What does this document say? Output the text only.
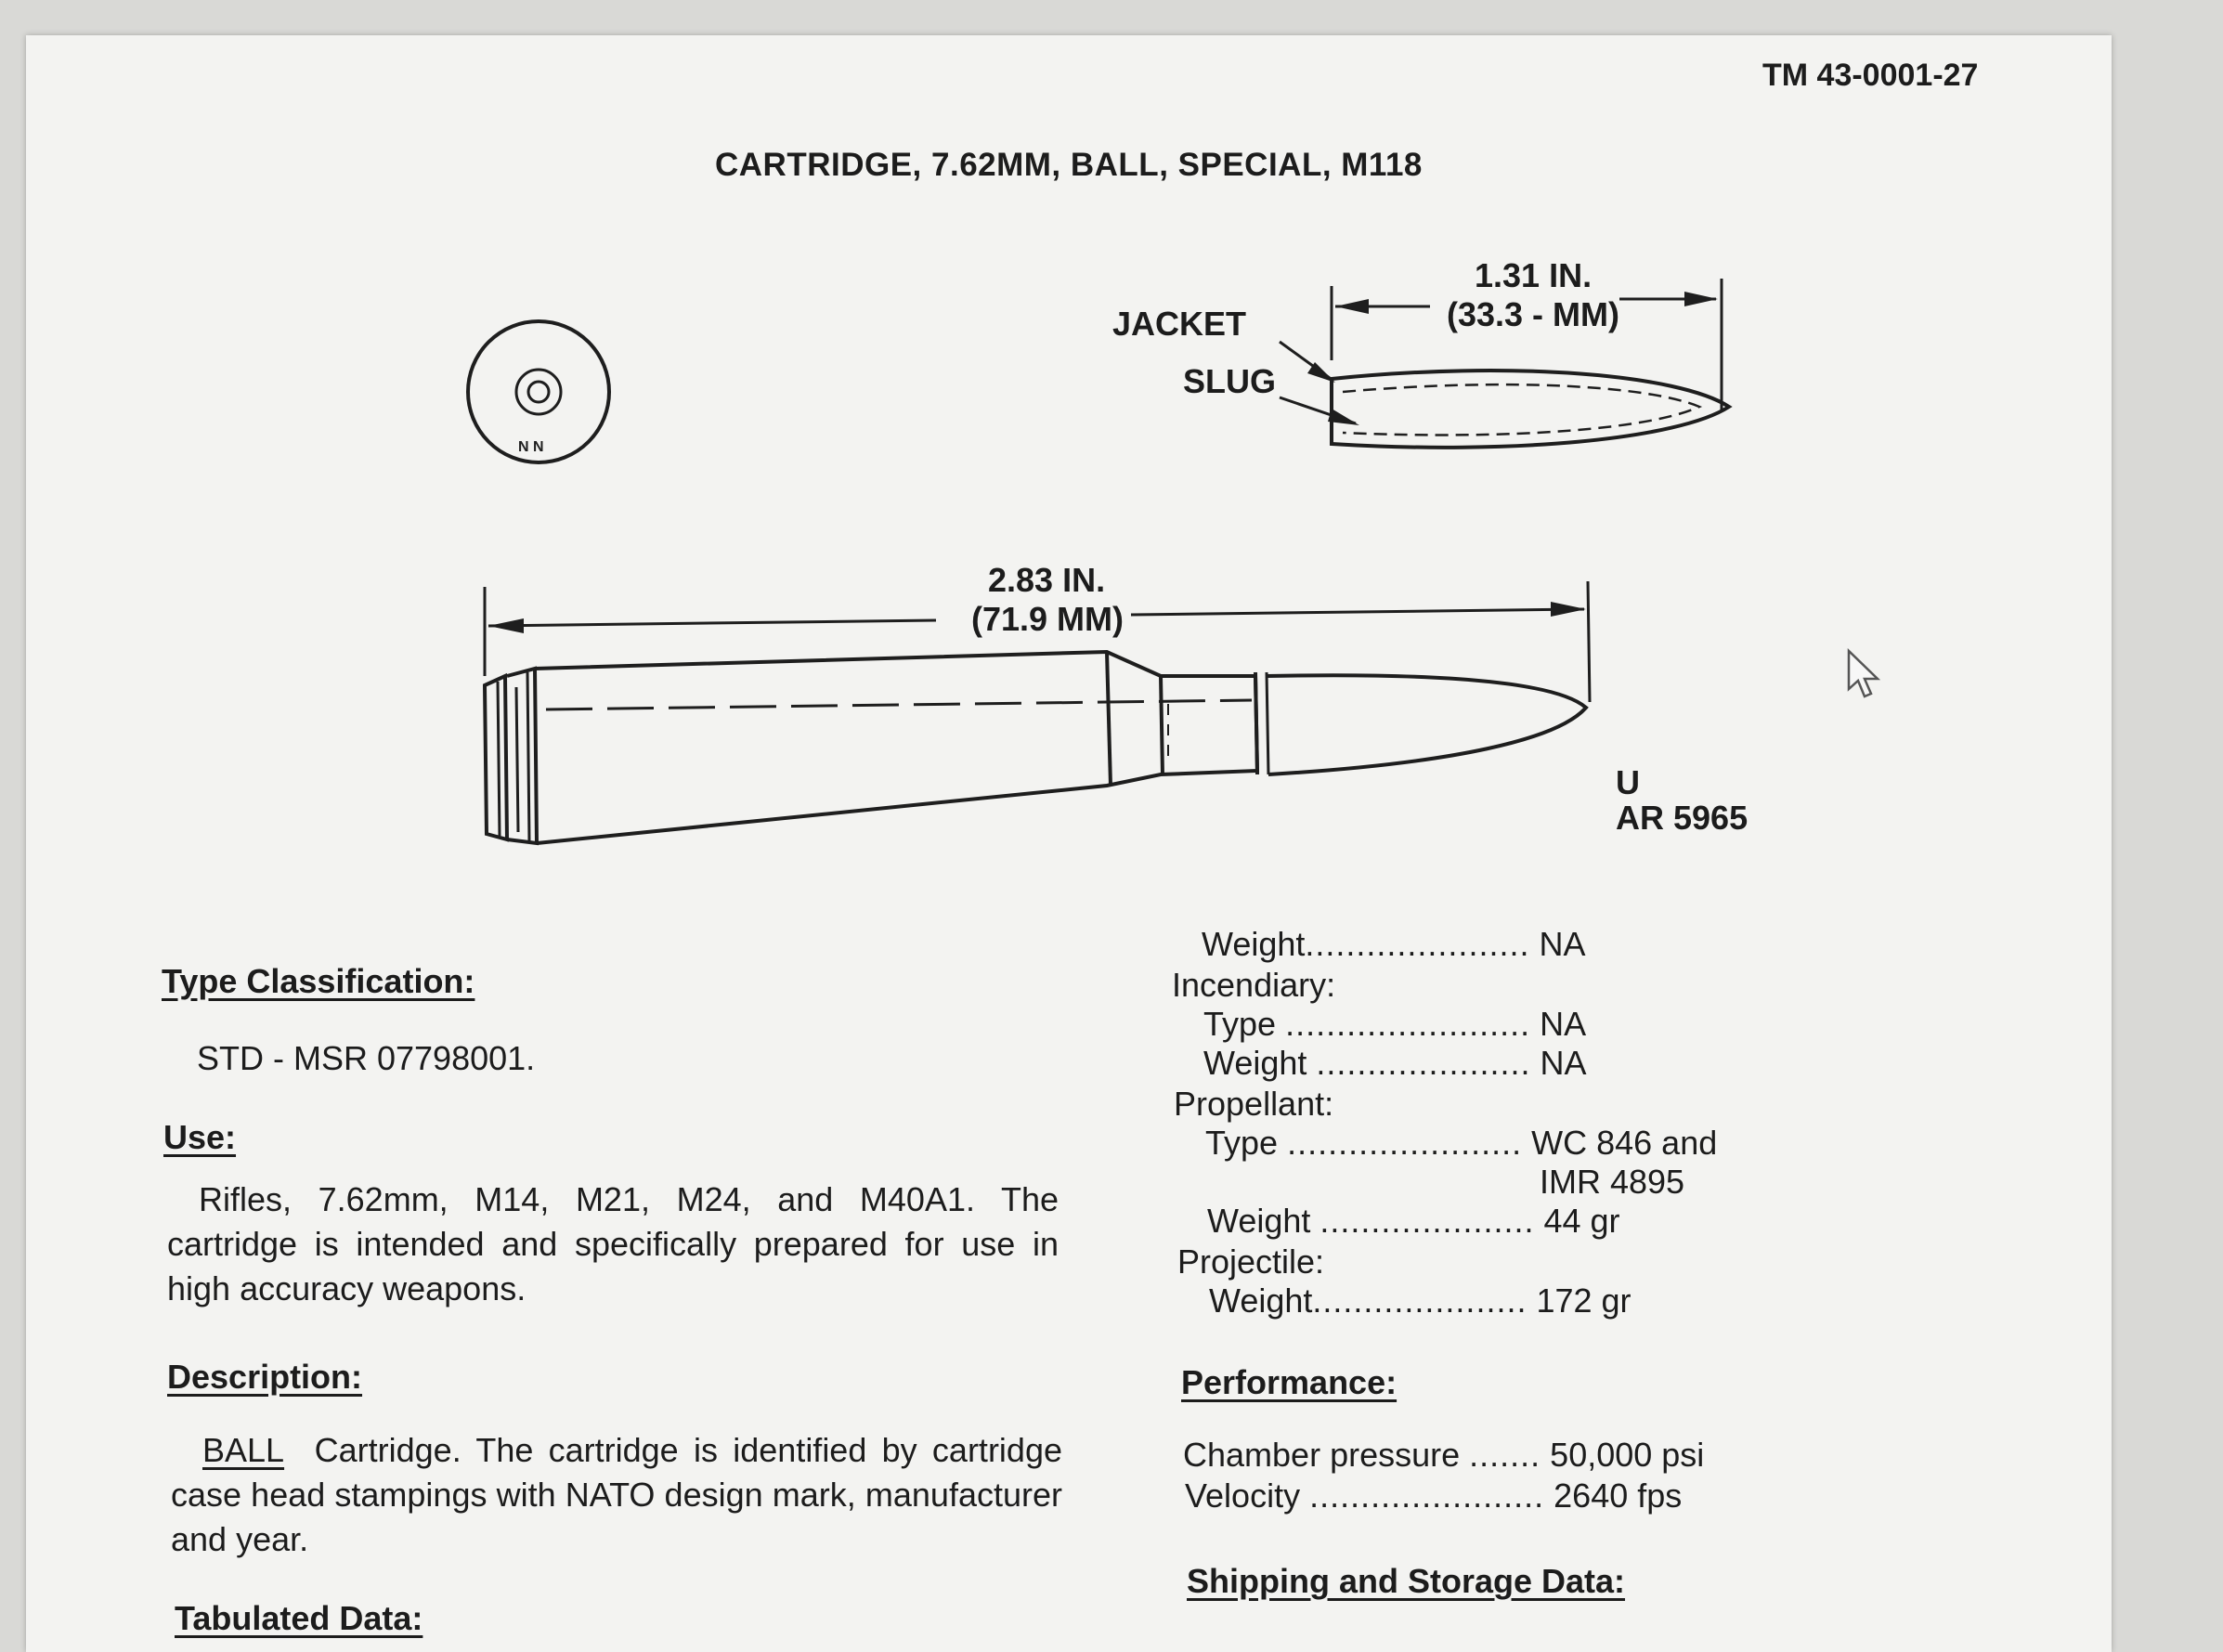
TM 43-0001-27
CARTRIDGE, 7.62MM, BALL, SPECIAL, M118
N N
JACKET
SLUG
1.31 IN.
(33.3 - MM)
2.83 IN.
(71.9 MM)
U
AR 5965
Type Classification:
STD - MSR 07798001.
Use:
Rifles, 7.62mm, M14, M21, M24, and M40A1. The cartridge is intended and specifically prepared for use in high accuracy weapons.
Description:
BALL Cartridge. The cartridge is identified by cartridge case head stampings with NATO design mark, manufacturer and year.
Tabulated Data:
Weight...................... NA
Incendiary:
Type ........................ NA
Weight ..................... NA
Propellant:
Type ....................... WC 846 and
IMR 4895
Weight ..................... 44 gr
Projectile:
Weight..................... 172 gr
Performance:
Chamber pressure ....... 50,000 psi
Velocity ....................... 2640 fps
Shipping and Storage Data:
